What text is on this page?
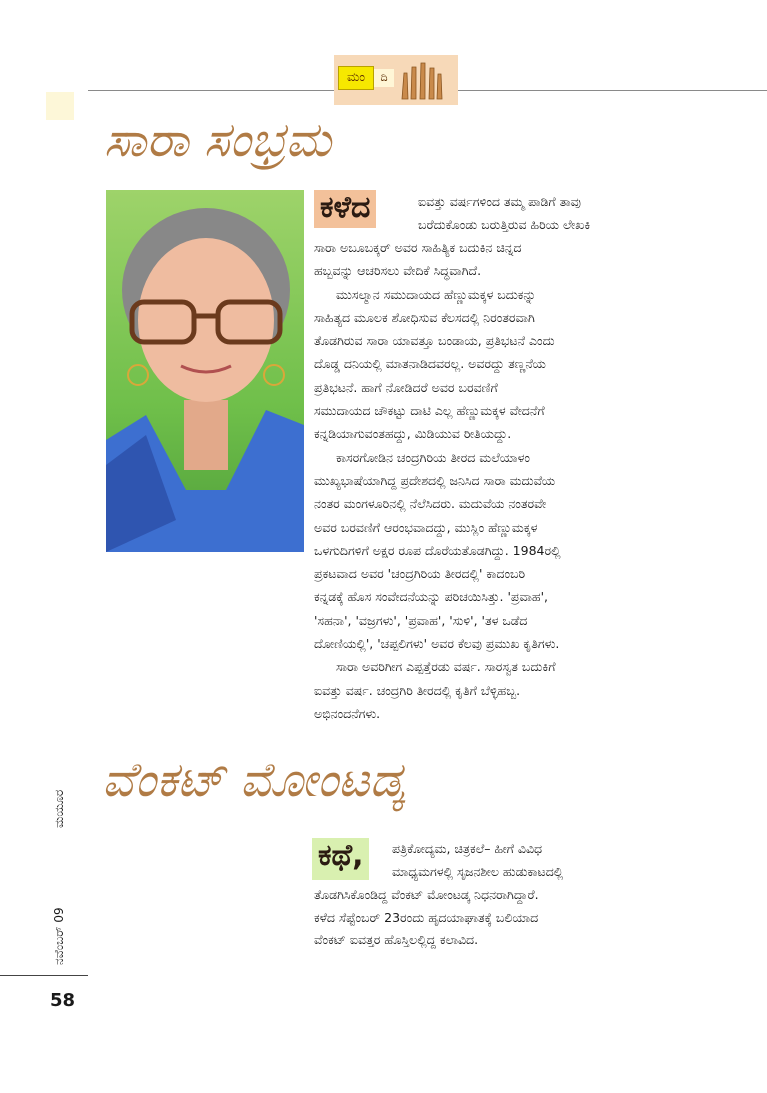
ಮಂ	ದಿ
ಸಾರಾ ಸಂಭ್ರಮ
ಕಳೆದ	ಐವತ್ತು ವರ್ಷಗಳಿಂದ ತಮ್ಮ ಪಾಡಿಗೆ ತಾವು
ಬರೆದುಕೊಂಡು ಬರುತ್ತಿರುವ ಹಿರಿಯ ಲೇಖಕಿ
ಸಾರಾ ಅಬೂಬಕ್ಕರ್ ಅವರ ಸಾಹಿತ್ಯಿಕ ಬದುಕಿನ ಚಿನ್ನದ
ಹಬ್ಬವನ್ನು ಆಚರಿಸಲು ವೇದಿಕೆ ಸಿದ್ಧವಾಗಿದೆ.
ಮುಸಲ್ಮಾನ ಸಮುದಾಯದ ಹೆಣ್ಣುಮಕ್ಕಳ ಬದುಕನ್ನು
ಸಾಹಿತ್ಯದ ಮೂಲಕ ಶೋಧಿಸುವ ಕೆಲಸದಲ್ಲಿ ನಿರಂತರವಾಗಿ
ತೊಡಗಿರುವ ಸಾರಾ ಯಾವತ್ತೂ ಬಂಡಾಯ, ಪ್ರತಿಭಟನೆ ಎಂದು
ದೊಡ್ಡ ದನಿಯಲ್ಲಿ ಮಾತನಾಡಿದವರಲ್ಲ. ಅವರದ್ದು ತಣ್ಣನೆಯ
ಪ್ರತಿಭಟನೆ. ಹಾಗೆ ನೋಡಿದರೆ ಅವರ ಬರವಣಿಗೆ
ಸಮುದಾಯದ ಚೌಕಟ್ಟು ದಾಟಿ ಎಲ್ಲ ಹೆಣ್ಣುಮಕ್ಕಳ ವೇದನೆಗೆ
ಕನ್ನಡಿಯಾಗುವಂತಹದ್ದು, ಮಿಡಿಯುವ ರೀತಿಯದ್ದು.
ಕಾಸರಗೋಡಿನ ಚಂದ್ರಗಿರಿಯ ತೀರದ ಮಲೆಯಾಳಂ
ಮುಖ್ಯಭಾಷೆಯಾಗಿದ್ದ ಪ್ರದೇಶದಲ್ಲಿ ಜನಿಸಿದ ಸಾರಾ ಮದುವೆಯ
ನಂತರ ಮಂಗಳೂರಿನಲ್ಲಿ ನೆಲೆಸಿದರು. ಮದುವೆಯ ನಂತರವೇ
ಅವರ ಬರವಣಿಗೆ ಆರಂಭವಾದದ್ದು, ಮುಸ್ಲಿಂ ಹೆಣ್ಣುಮಕ್ಕಳ
ಒಳಗುದಿಗಳಿಗೆ ಅಕ್ಷರ ರೂಪ ದೊರೆಯತೊಡಗಿದ್ದು. 1984ರಲ್ಲಿ
ಪ್ರಕಟವಾದ ಅವರ 'ಚಂದ್ರಗಿರಿಯ ತೀರದಲ್ಲಿ' ಕಾದಂಬರಿ
ಕನ್ನಡಕ್ಕೆ ಹೊಸ ಸಂವೇದನೆಯನ್ನು ಪರಿಚಯಿಸಿತ್ತು. 'ಪ್ರವಾಹ',
'ಸಹನಾ', 'ವಜ್ರಗಳು', 'ಪ್ರವಾಹ', 'ಸುಳಿ', 'ತಳ ಒಡೆದ
ದೋಣಿಯಲ್ಲಿ', 'ಚಪ್ಪಲಿಗಳು' ಅವರ ಕೆಲವು ಪ್ರಮುಖ ಕೃತಿಗಳು.
ಸಾರಾ ಅವರಿಗೀಗ ಎಪ್ಪತ್ತೆರಡು ವರ್ಷ. ಸಾರಸ್ವತ ಬದುಕಿಗೆ
ಐವತ್ತು ವರ್ಷ. ಚಂದ್ರಗಿರಿ ತೀರದಲ್ಲಿ ಕೃತಿಗೆ ಬೆಳ್ಳಿಹಬ್ಬ.
ಅಭಿನಂದನೆಗಳು.
ವೆಂಕಟ್ ಮೋಂಟಡ್ಕ
ಕಥೆ,	ಪತ್ರಿಕೋದ್ಯಮ, ಚಿತ್ರಕಲೆ– ಹೀಗೆ ವಿವಿಧ
ಮಾಧ್ಯಮಗಳಲ್ಲಿ ಸೃಜನಶೀಲ ಹುಡುಕಾಟದಲ್ಲಿ
ತೊಡಗಿಸಿಕೊಂಡಿದ್ದ ವೆಂಕಟ್ ಮೋಂಟಡ್ಕ ನಿಧನರಾಗಿದ್ದಾರೆ.
ಕಳೆದ ಸೆಪ್ಟೆಂಬರ್ 23ರಂದು ಹೃದಯಾಘಾತಕ್ಕೆ ಬಲಿಯಾದ
ವೆಂಕಟ್ ಐವತ್ತರ ಹೊಸ್ತಿಲಲ್ಲಿದ್ದ ಕಲಾವಿದ.
ನವೆಂಬರ್ 09
ಮಯೂರ
58
